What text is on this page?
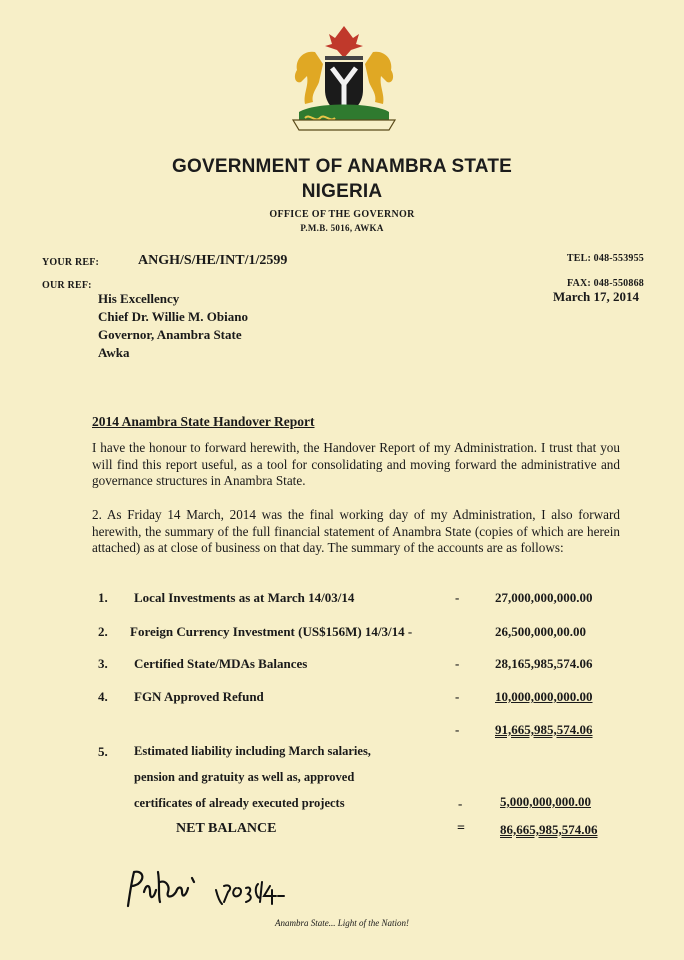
GOVERNMENT OF ANAMBRA STATE
NIGERIA
OFFICE OF THE GOVERNOR
P.M.B. 5016, AWKA
YOUR REF:	ANGH/S/HE/INT/1/2599
OUR REF:
TEL: 048-553955
FAX: 048-550868
March 17, 2014
His Excellency
Chief Dr. Willie M. Obiano
Governor, Anambra State
Awka
2014 Anambra State Handover Report
I have the honour to forward herewith, the Handover Report of my Administration. I trust that you will find this report useful, as a tool for consolidating and moving forward the administrative and governance structures in Anambra State.
2. As Friday 14 March, 2014 was the final working day of my Administration, I also forward herewith, the summary of the full financial statement of Anambra State (copies of which are herein attached) as at close of business on that day. The summary of the accounts are as follows:
1. Local Investments as at March 14/03/14	-	27,000,000,000.00
2. Foreign Currency Investment (US$156M) 14/3/14 -	26,500,000,00.00
3. Certified State/MDAs Balances	-	28,165,985,574.06
4. FGN Approved Refund	-	10,000,000,000.00
-	91,665,985,574.06
5. Estimated liability including March salaries,
pension and gratuity as well as, approved
certificates of already executed projects	-	5,000,000,000.00
NET BALANCE	=	86,665,985,574.06
Anambra State... Light of the Nation!
